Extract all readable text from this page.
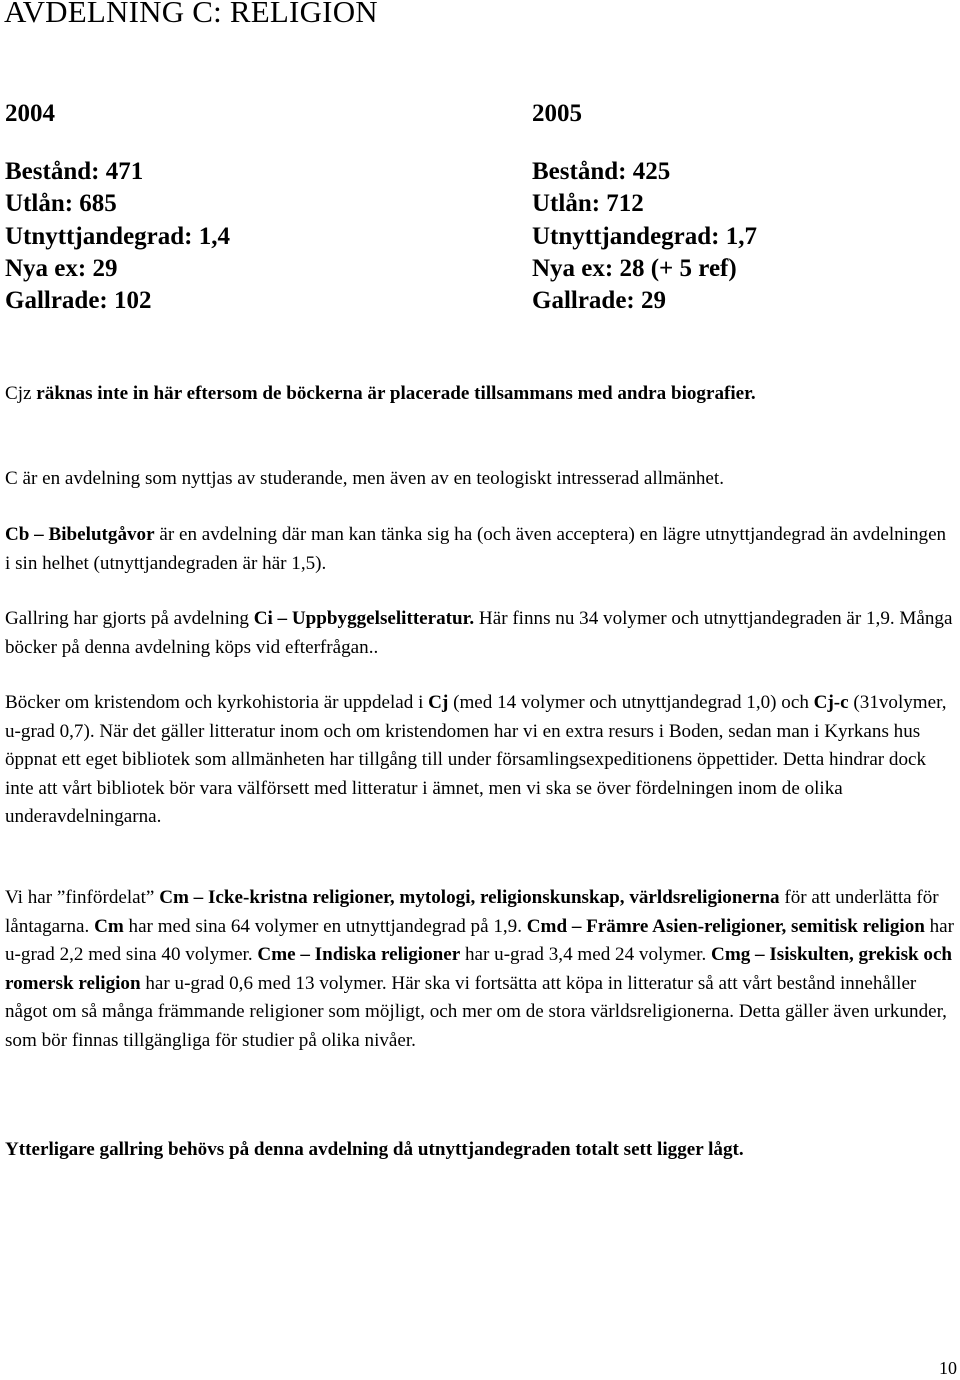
AVDELNING C: RELIGION
2004
Bestånd: 471
Utlån: 685
Utnyttjandegrad: 1,4
Nya ex: 29
Gallrade: 102
2005
Bestånd: 425
Utlån: 712
Utnyttjandegrad: 1,7
Nya ex: 28 (+ 5 ref)
Gallrade: 29

Cjz räknas inte in här eftersom de böckerna är placerade tillsammans med andra biografier.

C är en avdelning som nyttjas av studerande, men även av en teologiskt intresserad allmänhet.

Cb – Bibelutgåvor är en avdelning där man kan tänka sig ha (och även acceptera) en lägre utnyttjandegrad än avdelningen i sin helhet (utnyttjandegraden är här 1,5).

Gallring har gjorts på avdelning Ci – Uppbyggelselitteratur. Här finns nu 34 volymer och utnyttjandegraden är 1,9. Många böcker på denna avdelning köps vid efterfrågan..

Böcker om kristendom och kyrkohistoria är uppdelad i Cj (med 14 volymer och utnyttjandegrad 1,0) och Cj-c (31volymer, u-grad 0,7). När det gäller litteratur inom och om kristendomen har vi en extra resurs i Boden, sedan man i Kyrkans hus öppnat ett eget bibliotek som allmänheten har tillgång till under församlingsexpeditionens öppettider. Detta hindrar dock inte att vårt bibliotek bör vara välförsett med litteratur i ämnet, men vi ska se över fördelningen inom de olika underavdelningarna.

Vi har ”finfördelat” Cm – Icke-kristna religioner, mytologi, religionskunskap, världsreligionerna för att underlätta för låntagarna. Cm har med sina 64 volymer en utnyttjandegrad på 1,9. Cmd – Främre Asien-religioner, semitisk religion har u-grad 2,2 med sina 40 volymer. Cme – Indiska religioner har u-grad 3,4 med 24 volymer. Cmg – Isiskulten, grekisk och romersk religion har u-grad 0,6 med 13 volymer. Här ska vi fortsätta att köpa in litteratur så att vårt bestånd innehåller något om så många främmande religioner som möjligt, och mer om de stora världsreligionerna. Detta gäller även urkunder, som bör finnas tillgängliga för studier på olika nivåer.

Ytterligare gallring behövs på denna avdelning då utnyttjandegraden totalt sett ligger lågt.

10
